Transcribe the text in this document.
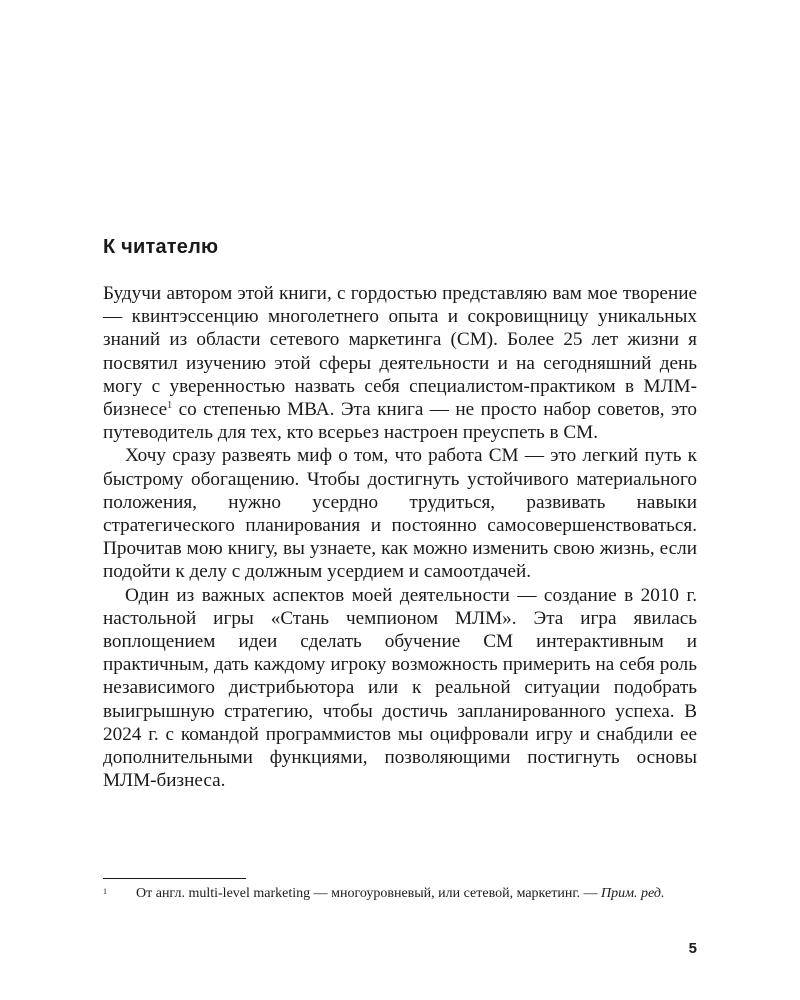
К читателю

Будучи автором этой книги, с гордостью представляю вам мое творение — квинтэссенцию многолетнего опыта и сокровищницу уникальных знаний из области сетевого маркетинга (СМ). Более 25 лет жизни я посвятил изучению этой сферы деятельности и на сегодняшний день могу с уверенностью назвать себя специалистом-практиком в МЛМ-бизнесе$^1$ со степенью МВА. Эта книга — не просто набор советов, это путеводитель для тех, кто всерьез настроен преуспеть в СМ.

Хочу сразу развеять миф о том, что работа СМ — это легкий путь к быстрому обогащению. Чтобы достигнуть устойчивого материального положения, нужно усердно трудиться, развивать навыки стратегического планирования и постоянно самосовершенствоваться. Прочитав мою книгу, вы узнаете, как можно изменить свою жизнь, если подойти к делу с должным усердием и самоотдачей.

Один из важных аспектов моей деятельности — создание в 2010 г. настольной игры «Стань чемпионом МЛМ». Эта игра явилась воплощением идеи сделать обучение СМ интерактивным и практичным, дать каждому игроку возможность примерить на себя роль независимого дистрибьютора или к реальной ситуации подобрать выигрышную стратегию, чтобы достичь запланированного успеха. В 2024 г. с командой программистов мы оцифровали игру и снабдили ее дополнительными функциями, позволяющими постигнуть основы МЛМ-бизнеса.

1 От англ. multi-level marketing — многоуровневый, или сетевой, маркетинг. — Прим. ред.
5
